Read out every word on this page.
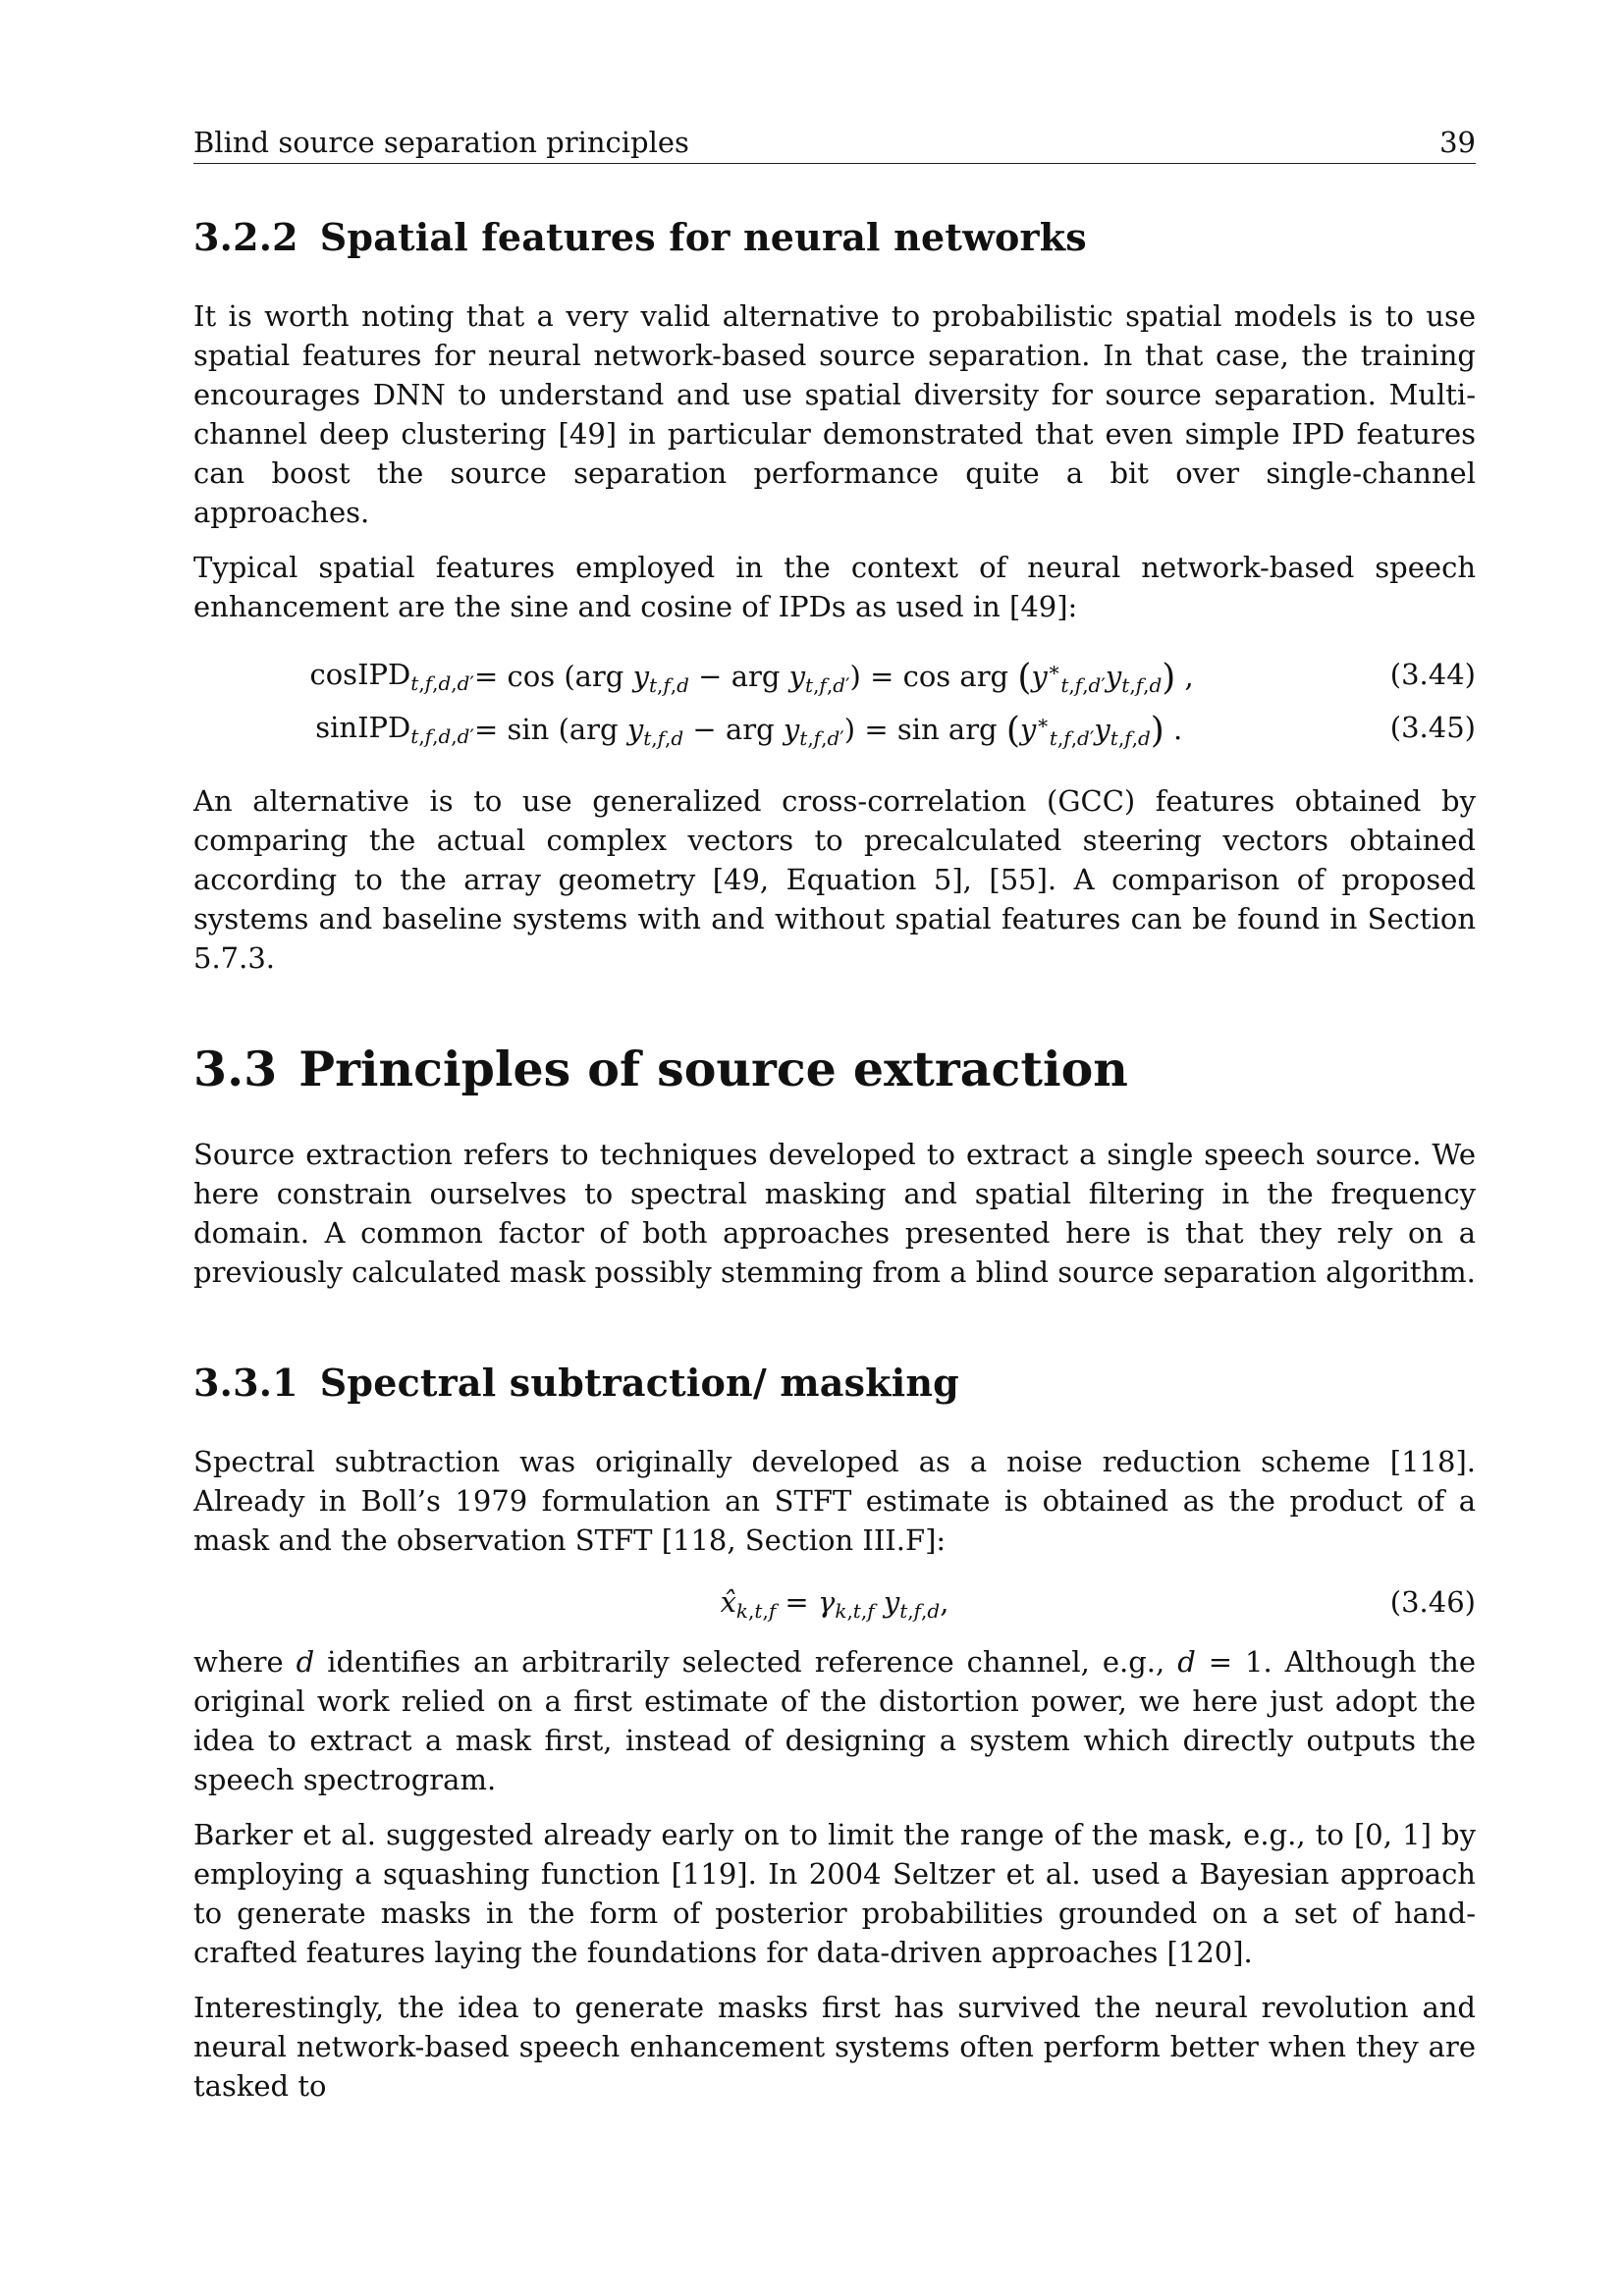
Blind source separation principles	39
3.2.2 Spatial features for neural networks

It is worth noting that a very valid alternative to probabilistic spatial models is to use spatial features for neural network-based source separation. In that case, the training encourages DNN to understand and use spatial diversity for source separation. Multi-channel deep clustering [49] in particular demonstrated that even simple IPD features can boost the source separation performance quite a bit over single-channel approaches.

Typical spatial features employed in the context of neural network-based speech enhancement are the sine and cosine of IPDs as used in [49]:

cosIPD$_{t,f,d,d'}$ = cos (arg $y_{t,f,d}$ − arg $y_{t,f,d'}) = \cos$ arg $(y^∗_{t,f,d'}y_{t,f,d})$ ,	(3.44)
sinIPD$_{t,f,d,d'}$ = sin (arg $y_{t,f,d}$ − arg $y_{t,f,d'}) = \sin$ arg $(y^∗_{t,f,d'}y_{t,f,d})$ .	(3.45)

An alternative is to use generalized cross-correlation (GCC) features obtained by comparing the actual complex vectors to precalculated steering vectors obtained according to the array geometry [49, Equation 5], [55]. A comparison of proposed systems and baseline systems with and without spatial features can be found in Section 5.7.3.

3.3 Principles of source extraction

Source extraction refers to techniques developed to extract a single speech source. We here constrain ourselves to spectral masking and spatial filtering in the frequency domain. A common factor of both approaches presented here is that they rely on a previously calculated mask possibly stemming from a blind source separation algorithm.

3.3.1 Spectral subtraction/ masking

Spectral subtraction was originally developed as a noise reduction scheme [118]. Already in Boll’s 1979 formulation an STFT estimate is obtained as the product of a mask and the observation STFT [118, Section III.F]:

$x̂_{k,t,f} = \gamma_{k,t,f}$ $y_{t,f,d}$,	(3.46)

where d identifies an arbitrarily selected reference channel, e.g., d = 1. Although the original work relied on a first estimate of the distortion power, we here just adopt the idea to extract a mask first, instead of designing a system which directly outputs the speech spectrogram.

Barker et al. suggested already early on to limit the range of the mask, e.g., to [0, 1] by employing a squashing function [119]. In 2004 Seltzer et al. used a Bayesian approach to generate masks in the form of posterior probabilities grounded on a set of hand-crafted features laying the foundations for data-driven approaches [120].

Interestingly, the idea to generate masks first has survived the neural revolution and neural network-based speech enhancement systems often perform better when they are tasked to
